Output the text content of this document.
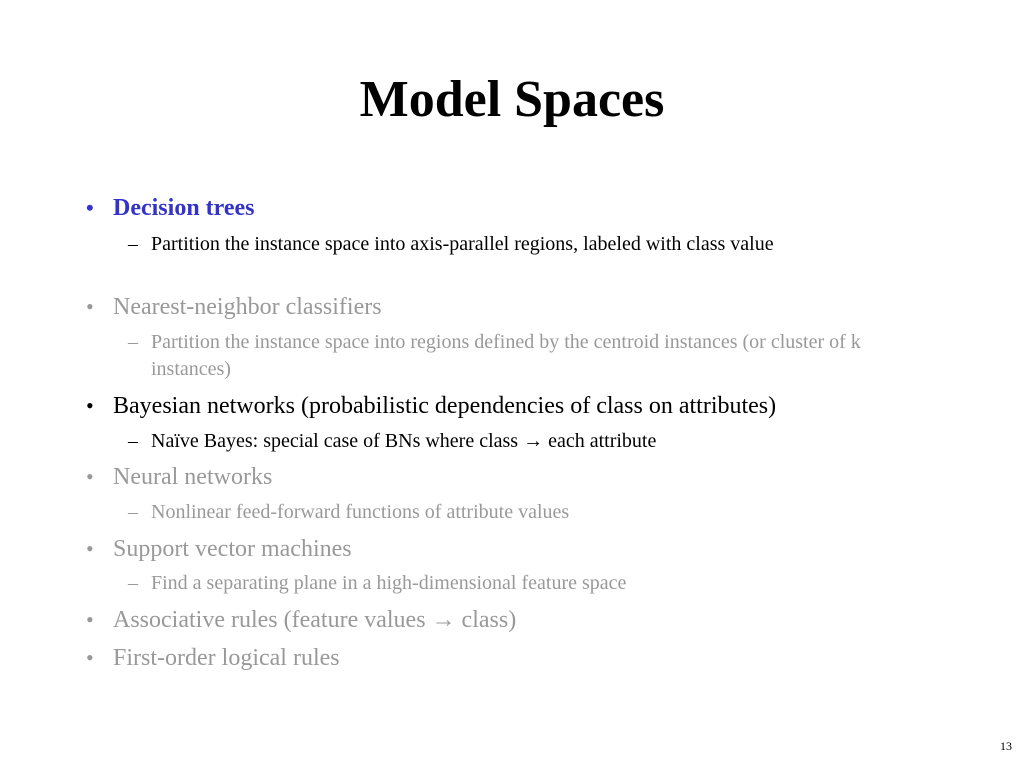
Model Spaces
• Decision trees
– Partition the instance space into axis-parallel regions, labeled with class value
• Nearest-neighbor classifiers
– Partition the instance space into regions defined by the centroid instances (or cluster of k instances)
• Bayesian networks (probabilistic dependencies of class on attributes)
– Naïve Bayes: special case of BNs where class → each attribute
• Neural networks
– Nonlinear feed-forward functions of attribute values
• Support vector machines
– Find a separating plane in a high-dimensional feature space
• Associative rules (feature values → class)
• First-order logical rules
13
